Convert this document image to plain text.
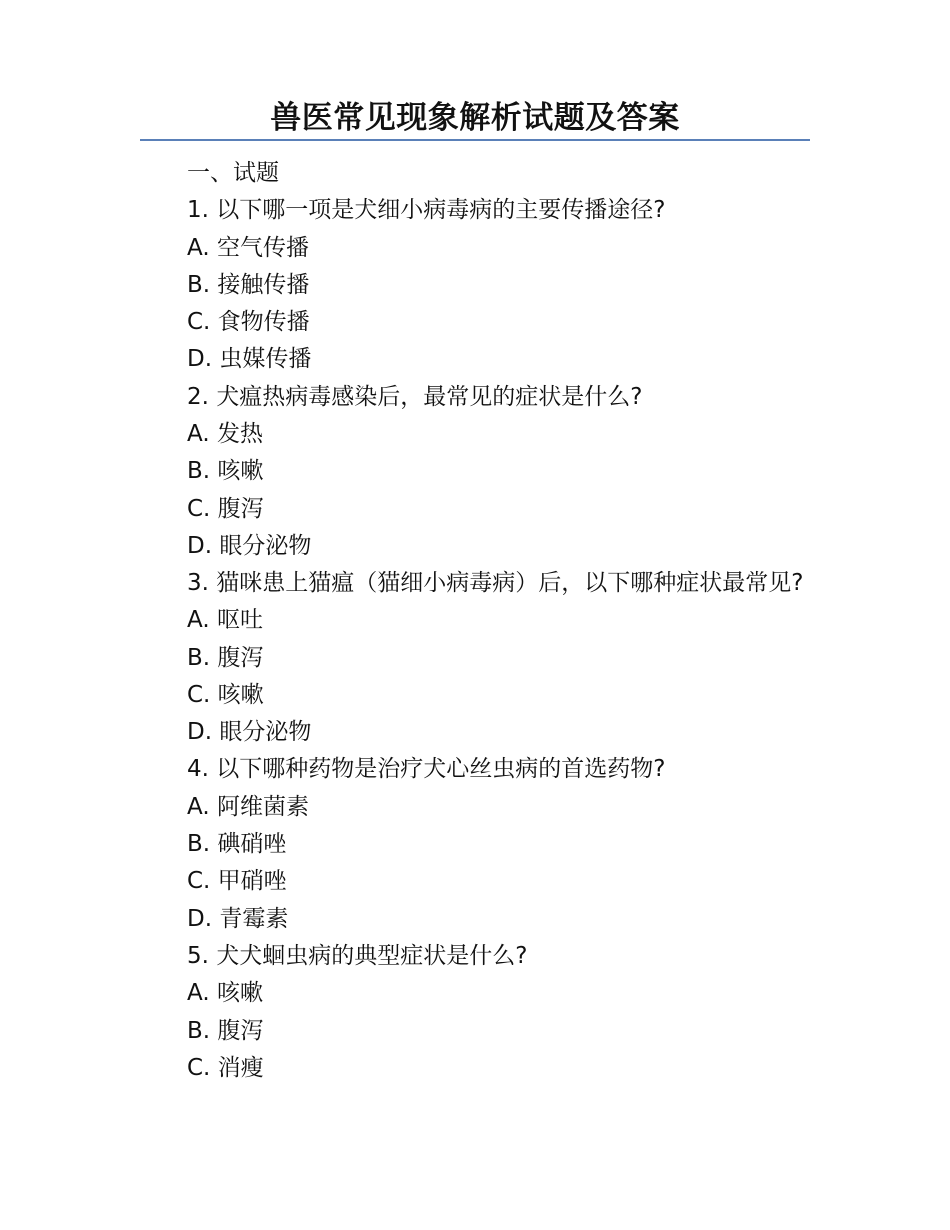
兽医常见现象解析试题及答案
一、试题
1. 以下哪一项是犬细小病毒病的主要传播途径?
A. 空气传播
B. 接触传播
C. 食物传播
D. 虫媒传播
2. 犬瘟热病毒感染后，最常见的症状是什么?
A. 发热
B. 咳嗽
C. 腹泻
D. 眼分泌物
3. 猫咪患上猫瘟（猫细小病毒病）后，以下哪种症状最常见?
A. 呕吐
B. 腹泻
C. 咳嗽
D. 眼分泌物
4. 以下哪种药物是治疗犬心丝虫病的首选药物?
A. 阿维菌素
B. 碘硝唑
C. 甲硝唑
D. 青霉素
5. 犬犬蛔虫病的典型症状是什么?
A. 咳嗽
B. 腹泻
C. 消瘦
